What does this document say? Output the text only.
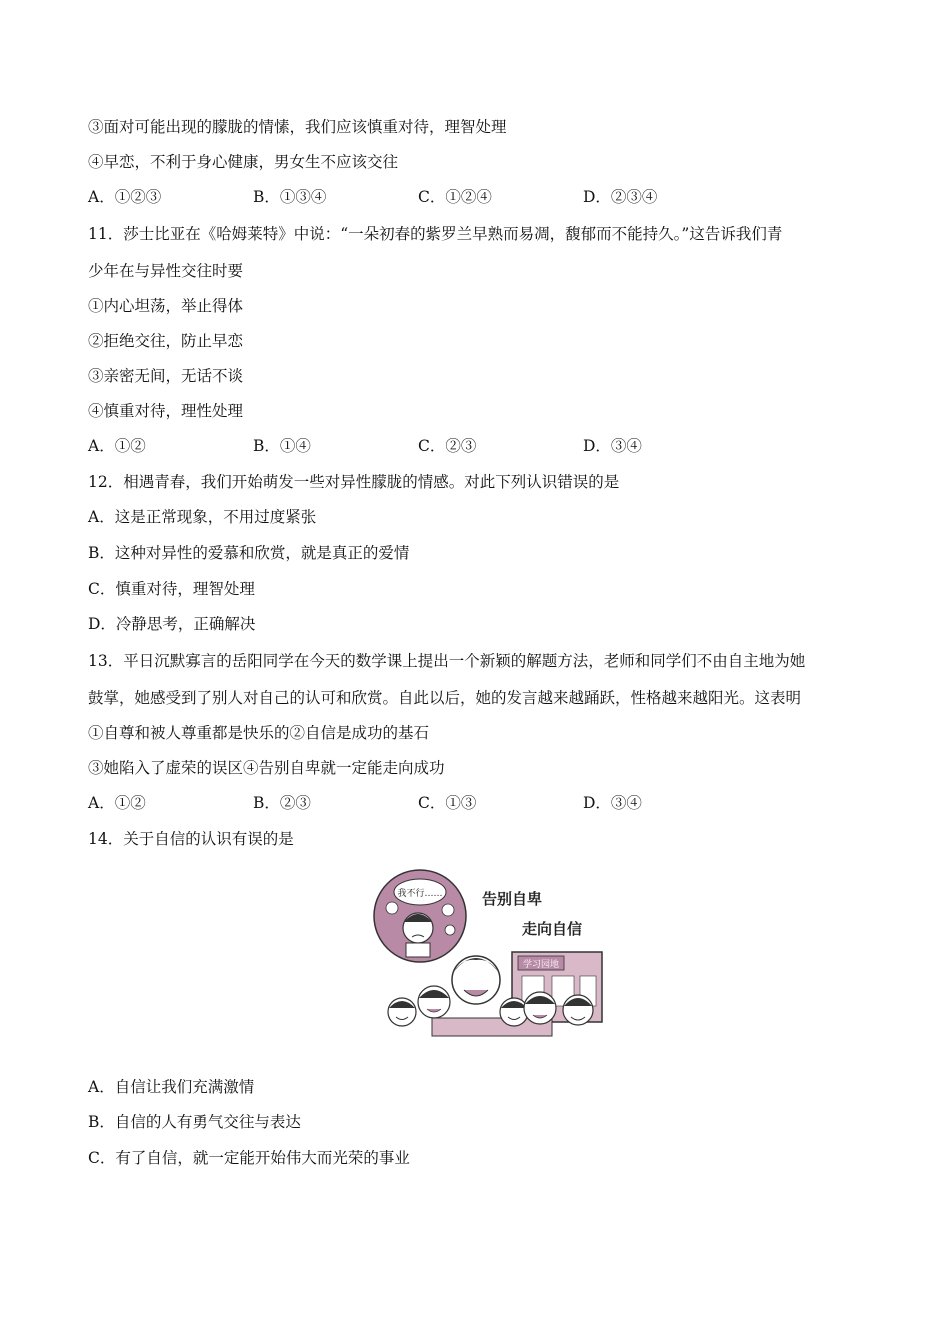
③面对可能出现的朦胧的情愫，我们应该慎重对待，理智处理
④早恋，不利于身心健康，男女生不应该交往
A．①②③	B．①③④	C．①②④	D．②③④
11．莎士比亚在《哈姆莱特》中说：“一朵初春的紫罗兰早熟而易凋，馥郁而不能持久。”这告诉我们青
少年在与异性交往时要
①内心坦荡，举止得体
②拒绝交往，防止早恋
③亲密无间，无话不谈
④慎重对待，理性处理
A．①②	B．①④	C．②③	D．③④
12．相遇青春，我们开始萌发一些对异性朦胧的情感。对此下列认识错误的是
A．这是正常现象，不用过度紧张
B．这种对异性的爱慕和欣赏，就是真正的爱情
C．慎重对待，理智处理
D．冷静思考，正确解决
13．平日沉默寡言的岳阳同学在今天的数学课上提出一个新颖的解题方法，老师和同学们不由自主地为她
鼓掌，她感受到了别人对自己的认可和欣赏。自此以后，她的发言越来越踊跃，性格越来越阳光。这表明
①自尊和被人尊重都是快乐的②自信是成功的基石
③她陷入了虚荣的误区④告别自卑就一定能走向成功
A．①②	B．②③	C．①③	D．③④
14．关于自信的认识有误的是
我不行……	告别自卑
走向自信
学习园地
A．自信让我们充满激情
B．自信的人有勇气交往与表达
C．有了自信，就一定能开始伟大而光荣的事业
